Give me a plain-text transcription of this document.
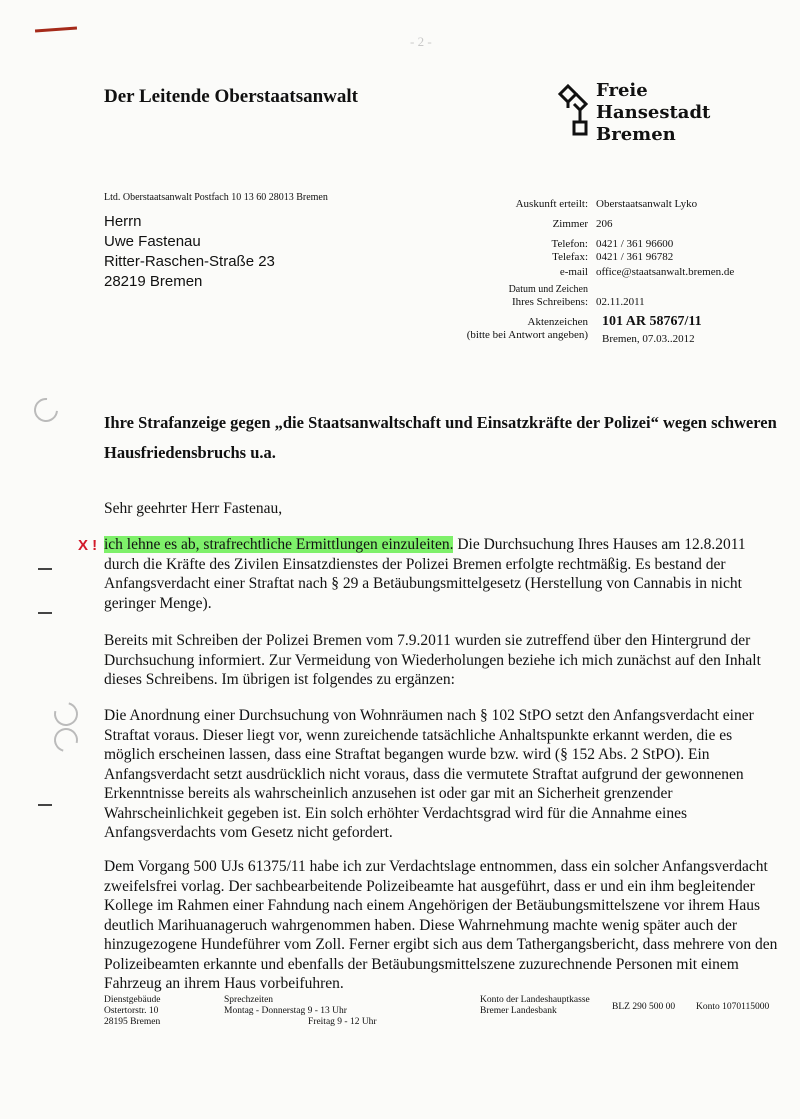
- 2 -
Der Leitende Oberstaatsanwalt	Freie
Hansestadt
Bremen
Ltd. Oberstaatsanwalt Postfach 10 13 60 28013 Bremen
Herrn
Uwe Fastenau
Ritter-Raschen-Straße 23
28219 Bremen
Auskunft erteilt: Oberstaatsanwalt Lyko
Zimmer 206
Telefon: 0421 / 361 96600
Telefax: 0421 / 361 96782
e-mail office@staatsanwalt.bremen.de
Datum und Zeichen
Ihres Schreibens: 02.11.2011
Aktenzeichen 101 AR 58767/11
(bitte bei Antwort angeben) Bremen, 07.03..2012
Ihre Strafanzeige gegen „die Staatsanwaltschaft und Einsatzkräfte der Polizei“ wegen schweren
Hausfriedensbruchs u.a.
Sehr geehrter Herr Fastenau,
X ! ich lehne es ab, strafrechtliche Ermittlungen einzuleiten. Die Durchsuchung Ihres Hauses am 12.8.2011 durch die Kräfte des Zivilen Einsatzdienstes der Polizei Bremen erfolgte rechtmäßig. Es bestand der Anfangsverdacht einer Straftat nach § 29 a Betäubungsmittelgesetz (Herstellung von Cannabis in nicht geringer Menge).
Bereits mit Schreiben der Polizei Bremen vom 7.9.2011 wurden sie zutreffend über den Hintergrund der Durchsuchung informiert. Zur Vermeidung von Wiederholungen beziehe ich mich zunächst auf den Inhalt dieses Schreibens. Im übrigen ist folgendes zu ergänzen:
Die Anordnung einer Durchsuchung von Wohnräumen nach § 102 StPO setzt den Anfangsverdacht einer Straftat voraus. Dieser liegt vor, wenn zureichende tatsächliche Anhaltspunkte erkannt werden, die es möglich erscheinen lassen, dass eine Straftat begangen wurde bzw. wird (§ 152 Abs. 2 StPO). Ein Anfangsverdacht setzt ausdrücklich nicht voraus, dass die vermutete Straftat aufgrund der gewonnenen Erkenntnisse bereits als wahrscheinlich anzusehen ist oder gar mit an Sicherheit grenzender Wahrscheinlichkeit gegeben ist. Ein solch erhöhter Verdachtsgrad wird für die Annahme eines Anfangsverdachts vom Gesetz nicht gefordert.
Dem Vorgang 500 UJs 61375/11 habe ich zur Verdachtslage entnommen, dass ein solcher Anfangsverdacht zweifelsfrei vorlag. Der sachbearbeitende Polizeibeamte hat ausgeführt, dass er und ein ihm begleitender Kollege im Rahmen einer Fahndung nach einem Angehörigen der Betäubungsmittelszene vor ihrem Haus deutlich Marihuanageruch wahrgenommen haben. Diese Wahrnehmung machte wenig später auch der hinzugezogene Hundeführer vom Zoll. Ferner ergibt sich aus dem Tathergangsbericht, dass mehrere von den Polizeibeamten erkannte und ebenfalls der Betäubungsmittelszene zuzurechnende Personen mit einem Fahrzeug an ihrem Haus vorbeifuhren.
Dienstgebäude
Ostertorstr. 10
28195 Bremen
Sprechzeiten
Montag - Donnerstag 9 - 13 Uhr
Freitag 9 - 12 Uhr
Konto der Landeshauptkasse
Bremer Landesbank	BLZ 290 500 00 Konto 1070115000
